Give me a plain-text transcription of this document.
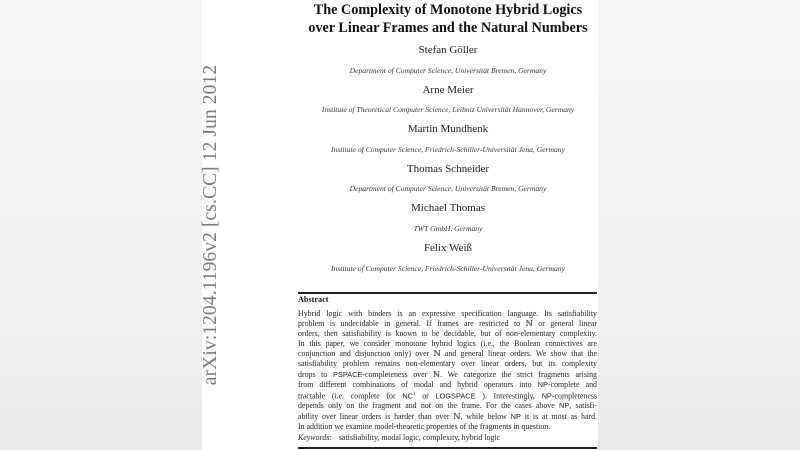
arXiv:1204.1196v2 [cs.CC] 12 Jun 2012
The Complexity of Monotone Hybrid Logics
over Linear Frames and the Natural Numbers
Stefan Göller
Department of Computer Science, Universität Bremen, Germany
Arne Meier
Institute of Theoretical Computer Science, Leibniz Universität Hannover, Germany
Martin Mundhenk
Institute of Computer Science, Friedrich-Schiller-Universität Jena, Germany
Thomas Schneider
Department of Computer Science, Universität Bremen, Germany
Michael Thomas
TWT GmbH, Germany
Felix Weiß
Institute of Computer Science, Friedrich-Schiller-Universität Jena, Germany
Abstract
Hybrid logic with binders is an expressive specification language. Its satisfiability
problem is undecidable in general. If frames are restricted to ℕ or general linear
orders, then satisfiability is known to be decidable, but of non-elementary complexity.
In this paper, we consider monotone hybrid logics (i.e., the Boolean connectives are
conjunction and disjunction only) over ℕ and general linear orders. We show that the
satisfiability problem remains non-elementary over linear orders, but its complexity
drops to PSPACE-completeness over ℕ. We categorize the strict fragments arising
from different combinations of modal and hybrid operators into NP-complete and
tractable (i.e. complete for $NC^1$ or LOGSPACE ). Interestingly, NP-completeness
depends only on the fragment and not on the frame. For the cases above NP, satisfi-
ability over linear orders is harder than over ℕ, while below NP it is at most as hard.
In addition we examine model-theoretic properties of the fragments in question.
Keywords: satisfiability, modal logic, complexity, hybrid logic
